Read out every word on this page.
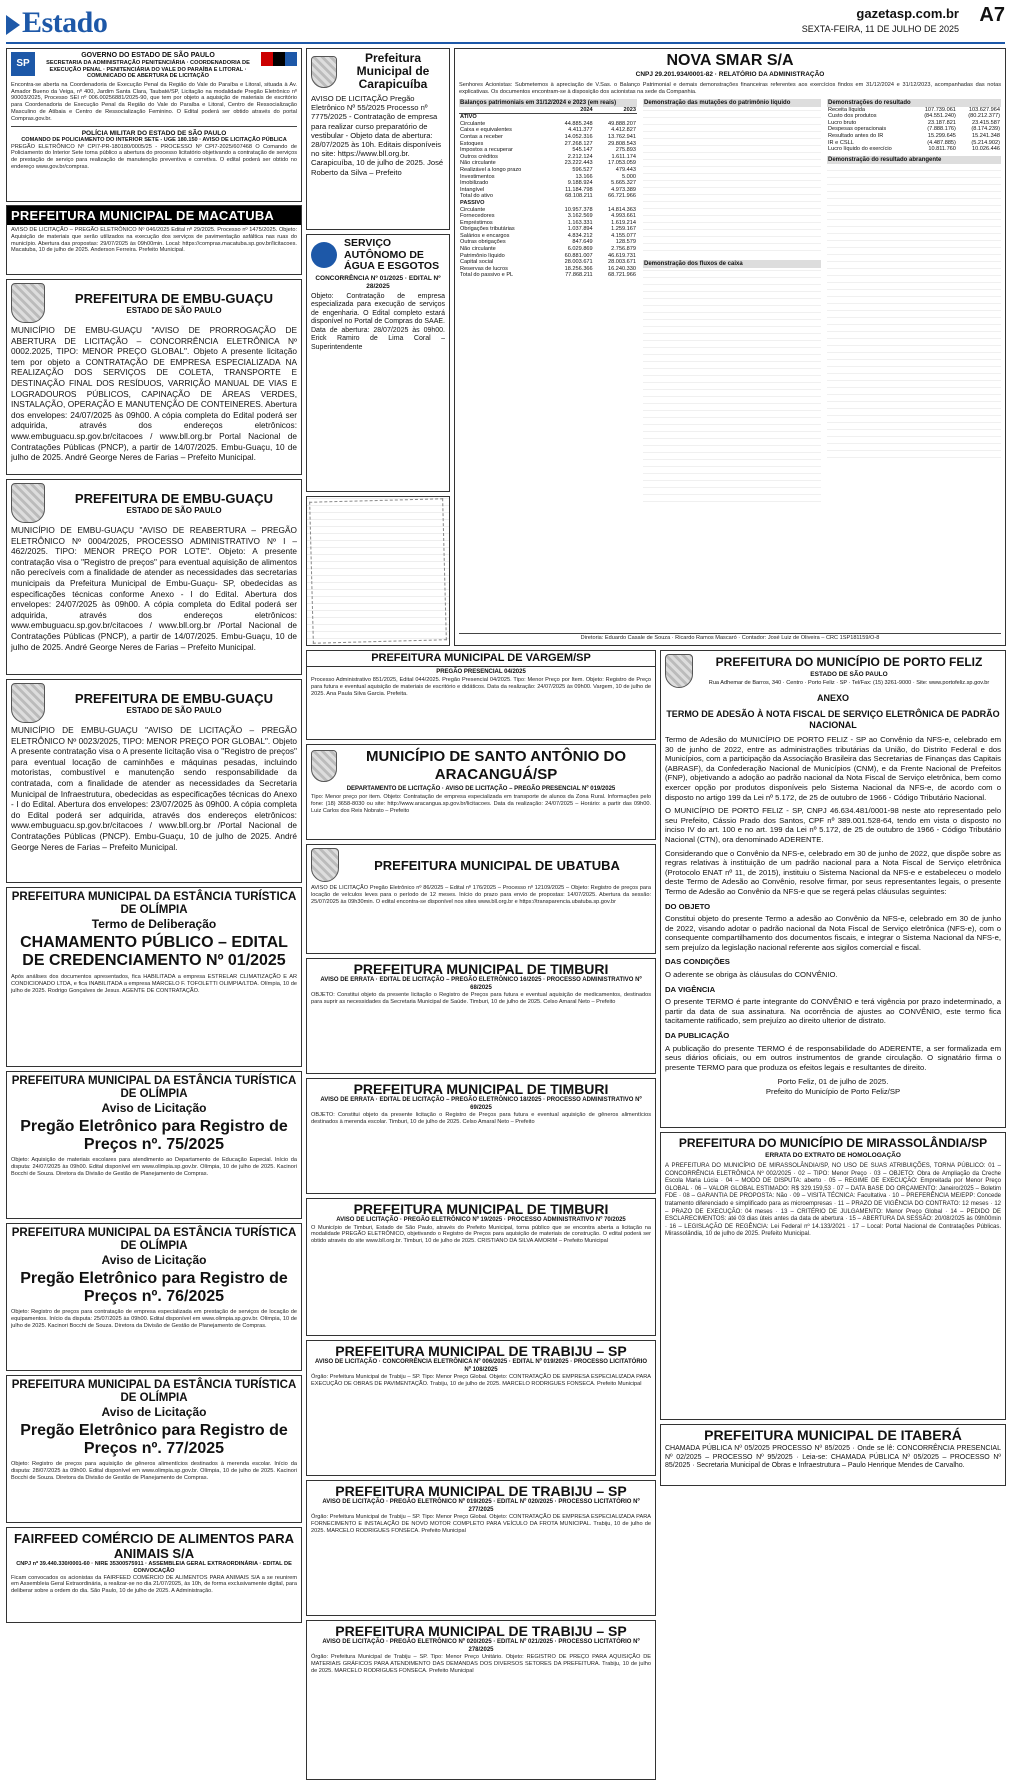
Estado	gazetasp.com.br
SEXTA-FEIRA, 11 DE JULHO DE 2025
A7
SP
GOVERNO DO ESTADO DE SÃO PAULO
SECRETARIA DA ADMINISTRAÇÃO PENITENCIÁRIA · COORDENADORIA DE EXECUÇÃO PENAL · PENITENCIÁRIA DO VALE DO PARAÍBA E LITORAL · COMUNICADO DE ABERTURA DE LICITAÇÃO
Encontra-se aberta na Coordenadoria de Execução Penal da Região do Vale do Paraíba e Litoral, situada à Av. Amador Bueno da Veiga, nº 400, Jardim Santa Clara, Taubaté/SP, Licitação na modalidade Pregão Eletrônico nº 90003/2025, Processo SEI nº 006.00256881/2025-90, que tem por objeto a aquisição de materiais de escritório para Coordenadoria de Execução Penal da Região do Vale do Paraíba e Litoral, Centro de Ressocialização Masculino de Atibaia e Centro de Ressocialização Feminino. O Edital poderá ser obtido através do portal Compras.gov.br.
POLÍCIA MILITAR DO ESTADO DE SÃO PAULO
COMANDO DE POLICIAMENTO DO INTERIOR SETE - UGE 180.150 · AVISO DE LICITAÇÃO PÚBLICA
PREGÃO ELETRÔNICO Nº CPI7-PR-180180/0005/25 - PROCESSO Nº CPI7-2025/607468 O Comando de Policiamento do Interior Sete torna público a abertura do processo licitatório objetivando a contratação de serviços de prestação de serviço para realização de manutenção preventiva e corretiva. O edital poderá ser obtido no endereço www.gov.br/compras.
PREFEITURA MUNICIPAL DE MACATUBA
AVISO DE LICITAÇÃO – PREGÃO ELETRÔNICO Nº 046/2025 Edital nº 29/2025. Processo nº 1475/2025. Objeto: Aquisição de materiais que serão utilizados na execução dos serviços de pavimentação asfáltica nas ruas do município. Abertura das propostas: 29/07/2025 às 09h00min. Local: https://compras.macatuba.sp.gov.br/licitacoes. Macatuba, 10 de julho de 2025. Anderson Ferreira. Prefeito Municipal.
PREFEITURA DE EMBU-GUAÇU
ESTADO DE SÃO PAULO
MUNICÍPIO DE EMBU-GUAÇU "AVISO DE PRORROGAÇÃO DE ABERTURA DE LICITAÇÃO – CONCORRÊNCIA ELETRÔNICA Nº 0002.2025, TIPO: MENOR PREÇO GLOBAL". Objeto A presente licitação tem por objeto a CONTRATAÇÃO DE EMPRESA ESPECIALIZADA NA REALIZAÇÃO DOS SERVIÇOS DE COLETA, TRANSPORTE E DESTINAÇÃO FINAL DOS RESÍDUOS, VARRIÇÃO MANUAL DE VIAS E LOGRADOUROS PÚBLICOS, CAPINAÇÃO DE ÁREAS VERDES, INSTALAÇÃO, OPERAÇÃO E MANUTENÇÃO DE CONTEINERES. Abertura dos envelopes: 24/07/2025 às 09h00. A cópia completa do Edital poderá ser adquirida, através dos endereços eletrônicos: www.embuguacu.sp.gov.br/citacoes / www.bll.org.br Portal Nacional de Contratações Públicas (PNCP), a partir de 14/07/2025. Embu-Guaçu, 10 de julho de 2025. André George Neres de Farias – Prefeito Municipal.
PREFEITURA DE EMBU-GUAÇU
ESTADO DE SÃO PAULO
MUNICÍPIO DE EMBU-GUAÇU "AVISO DE REABERTURA – PREGÃO ELETRÔNICO Nº 0004/2025, PROCESSO ADMINISTRATIVO Nº I – 462/2025. TIPO: MENOR PREÇO POR LOTE". Objeto: A presente contratação visa o "Registro de preços" para eventual aquisição de alimentos não perecíveis com a finalidade de atender as necessidades das secretarias municipais da Prefeitura Municipal de Embu-Guaçu- SP, obedecidas as especificações técnicas conforme Anexo - I do Edital. Abertura dos envelopes: 24/07/2025 às 09h00. A cópia completa do Edital poderá ser adquirida, através dos endereços eletrônicos: www.embuguacu.sp.gov.br/citacoes / www.bll.org.br /Portal Nacional de Contratações Públicas (PNCP), a partir de 14/07/2025. Embu-Guaçu, 10 de julho de 2025. André George Neres de Farias – Prefeito Municipal.
PREFEITURA DE EMBU-GUAÇU
ESTADO DE SÃO PAULO
MUNICÍPIO DE EMBU-GUAÇU "AVISO DE LICITAÇÃO – PREGÃO ELETRÔNICO Nº 0023/2025, TIPO: MENOR PREÇO POR GLOBAL". Objeto A presente contratação visa o A presente licitação visa o "Registro de preços" para eventual locação de caminhões e máquinas pesadas, incluindo motoristas, combustível e manutenção sendo responsabilidade da contratada, com a finalidade de atender as necessidades da Secretaria Municipal de Infraestrutura, obedecidas as especificações técnicas do Anexo - I do Edital. Abertura dos envelopes: 23/07/2025 às 09h00. A cópia completa do Edital poderá ser adquirida, através dos endereços eletrônicos: www.embuguacu.sp.gov.br/citacoes / www.bll.org.br /Portal Nacional de Contratações Públicas (PNCP). Embu-Guaçu, 10 de julho de 2025. André George Neres de Farias – Prefeito Municipal.
PREFEITURA MUNICIPAL DA ESTÂNCIA TURÍSTICA DE OLÍMPIA
Termo de Deliberação
CHAMAMENTO PÚBLICO – EDITAL DE CREDENCIAMENTO Nº 01/2025
Após análises dos documentos apresentados, fica HABILITADA a empresa ESTRELAR CLIMATIZAÇÃO E AR CONDICIONADO LTDA, e fica INABILITADA a empresa MARCELO F. TOFOLETTI OLIMPIA/LTDA. Olímpia, 10 de julho de 2025. Rodrigo Gonçalves de Jesus. AGENTE DE CONTRATAÇÃO.
PREFEITURA MUNICIPAL DA ESTÂNCIA TURÍSTICA DE OLÍMPIA
Aviso de Licitação
Pregão Eletrônico para Registro de Preços nº. 75/2025
Objeto: Aquisição de materiais escolares para atendimento ao Departamento de Educação Especial. Início da disputa: 24/07/2025 às 09h00. Edital disponível em www.olimpia.sp.gov.br. Olímpia, 10 de julho de 2025. Kacinori Bocchi de Souza. Diretora da Divisão de Gestão de Planejamento de Compras.
PREFEITURA MUNICIPAL DA ESTÂNCIA TURÍSTICA DE OLÍMPIA
Aviso de Licitação
Pregão Eletrônico para Registro de Preços nº. 76/2025
Objeto: Registro de preços para contratação de empresa especializada em prestação de serviços de locação de equipamentos. Início da disputa: 25/07/2025 às 09h00. Edital disponível em www.olimpia.sp.gov.br. Olímpia, 10 de julho de 2025. Kacinori Bocchi de Souza. Diretora da Divisão de Gestão de Planejamento de Compras.
PREFEITURA MUNICIPAL DA ESTÂNCIA TURÍSTICA DE OLÍMPIA
Aviso de Licitação
Pregão Eletrônico para Registro de Preços nº. 77/2025
Objeto: Registro de preços para aquisição de gêneros alimentícios destinados à merenda escolar. Início da disputa: 28/07/2025 às 09h00. Edital disponível em www.olimpia.sp.gov.br. Olímpia, 10 de julho de 2025. Kacinori Bocchi de Souza. Diretora da Divisão de Gestão de Planejamento de Compras.
FAIRFEED COMÉRCIO DE ALIMENTOS PARA ANIMAIS S/A
CNPJ nº 39.440.330/0001-60 · NIRE 35300575911 · ASSEMBLEIA GERAL EXTRAORDINÁRIA · EDITAL DE CONVOCAÇÃO
Ficam convocados os acionistas da FAIRFEED COMÉRCIO DE ALIMENTOS PARA ANIMAIS S/A a se reunirem em Assembleia Geral Extraordinária, a realizar-se no dia 21/07/2025, às 10h, de forma exclusivamente digital, para deliberar sobre a ordem do dia. São Paulo, 10 de julho de 2025. A Administração.
Prefeitura Municipal de Carapicuíba
AVISO DE LICITAÇÃO Pregão Eletrônico Nº 55/2025 Processo nº 7775/2025 - Contratação de empresa para realizar curso preparatório de vestibular - Objeto data de abertura: 28/07/2025 às 10h. Editais disponíveis no site: https://www.bll.org.br. Carapicuíba, 10 de julho de 2025. José Roberto da Silva – Prefeito
SERVIÇO AUTÔNOMO DE ÁGUA E ESGOTOS
CONCORRÊNCIA Nº 01/2025 · EDITAL Nº 28/2025
Objeto: Contratação de empresa especializada para execução de serviços de engenharia. O Edital completo estará disponível no Portal de Compras do SAAE. Data de abertura: 28/07/2025 às 09h00. Erick Ramiro de Lima Coral – Superintendente
NOVA SMAR S/A
CNPJ 29.201.934/0001-82 · RELATÓRIO DA ADMINISTRAÇÃO
Senhores Acionistas: Submetemos à apreciação de V.Sas. o Balanço Patrimonial e demais demonstrações financeiras referentes aos exercícios findos em 31/12/2024 e 31/12/2023, acompanhadas das notas explicativas. Os documentos encontram-se à disposição dos acionistas na sede da Companhia.
Balanços patrimoniais em 31/12/2024 e 2023 (em reais)
	2024	2023
ATIVO		
Circulante	44.885.248	49.888.207
Caixa e equivalentes	4.411.377	4.412.827
Contas a receber	14.052.316	13.762.941
Estoques	27.268.127	29.808.543
Impostos a recuperar	545.147	275.893
Outros créditos	2.212.124	1.611.174
Não circulante	23.222.443	17.053.059
Realizável a longo prazo	596.527	479.443
Investimentos	13.166	5.000
Imobilizado	9.188.924	5.665.327
Intangível	11.184.798	4.973.389
Total do ativo	68.108.211	66.721.966
PASSIVO		
Circulante	10.957.378	14.814.363
Fornecedores	3.162.569	4.993.661
Empréstimos	1.163.331	1.619.214
Obrigações tributárias	1.037.894	1.259.167
Salários e encargos	4.834.212	4.155.077
Outras obrigações	847.649	128.579
Não circulante	6.029.869	2.756.879
Patrimônio líquido	60.881.007	46.619.731
Capital social	28.003.671	28.003.671
Reservas de lucros	18.256.366	16.240.330
Total do passivo e PL	77.868.211	68.721.966
Demonstração das mutações do patrimônio líquido
Demonstração dos fluxos de caixa
Demonstrações do resultado
Receita líquida	107.739.061	103.627.964
Custo dos produtos	(84.551.240)	(80.212.377)
Lucro bruto	23.187.821	23.415.587
Despesas operacionais	(7.888.176)	(8.174.239)
Resultado antes do IR	15.299.645	15.241.348
IR e CSLL	(4.487.885)	(5.214.902)
Lucro líquido do exercício	10.811.760	10.026.446
Demonstração do resultado abrangente
Diretoria: Eduardo Casale de Souza · Ricardo Ramos Mascaró · Contador: José Luiz de Oliveira – CRC 1SP181159/O-8
PREFEITURA MUNICIPAL DE VARGEM/SP
PREGÃO PRESENCIAL 04/2025
Processo Administrativo 851/2025, Edital 044/2025. Pregão Presencial 04/2025. Tipo: Menor Preço por Item. Objeto: Registro de Preço para futura e eventual aquisição de materiais de escritório e didáticos. Data da realização: 24/07/2025 às 09h00. Vargem, 10 de julho de 2025. Ana Paula Silva Garcia. Prefeita.
MUNICÍPIO DE SANTO ANTÔNIO DO ARACANGUÁ/SP
DEPARTAMENTO DE LICITAÇÃO · AVISO DE LICITAÇÃO – PREGÃO PRESENCIAL Nº 019/2025
Tipo: Menor preço por item. Objeto: Contratação de empresa especializada em transporte de alunos da Zona Rural. Informações pelo fone: (18) 3658-8030 ou site: http://www.aracangua.sp.gov.br/licitacoes. Data da realização: 24/07/2025 – Horário: a partir das 09h00. Luiz Carlos dos Reis Nobrato – Prefeito
PREFEITURA MUNICIPAL DE UBATUBA
AVISO DE LICITAÇÃO Pregão Eletrônico nº 86/2025 – Edital nº 176/2025 – Processo nº 12109/2025 – Objeto: Registro de preços para locação de veículos leves para o período de 12 meses. Início do prazo para envio de propostas: 14/07/2025. Abertura da sessão: 25/07/2025 às 09h30min. O edital encontra-se disponível nos sites www.bll.org.br e https://transparencia.ubatuba.sp.gov.br
PREFEITURA MUNICIPAL DE TIMBURI
AVISO DE ERRATA · EDITAL DE LICITAÇÃO – PREGÃO ELETRÔNICO 16/2025 · PROCESSO ADMINISTRATIVO Nº 68/2025
OBJETO: Constitui objeto da presente licitação o Registro de Preços para futura e eventual aquisição de medicamentos, destinados para suprir as necessidades da Secretaria Municipal de Saúde. Timburi, 10 de julho de 2025. Celso Amaral Neto – Prefeito
PREFEITURA MUNICIPAL DE TIMBURI
AVISO DE ERRATA · EDITAL DE LICITAÇÃO – PREGÃO ELETRÔNICO 18/2025 · PROCESSO ADMINISTRATIVO Nº 69/2025
OBJETO: Constitui objeto da presente licitação o Registro de Preços para futura e eventual aquisição de gêneros alimentícios destinados à merenda escolar. Timburi, 10 de julho de 2025. Celso Amaral Neto – Prefeito
PREFEITURA MUNICIPAL DE TIMBURI
AVISO DE LICITAÇÃO · PREGÃO ELETRÔNICO Nº 19/2025 · PROCESSO ADMINISTRATIVO Nº 70/2025
O Município de Timburi, Estado de São Paulo, através do Prefeito Municipal, torna público que se encontra aberta a licitação na modalidade PREGÃO ELETRÔNICO, objetivando o Registro de Preços para aquisição de materiais de construção. O edital poderá ser obtido através do site www.bll.org.br. Timburi, 10 de julho de 2025. CRISTIANO DA SILVA AMORIM – Prefeito Municipal
PREFEITURA MUNICIPAL DE TRABIJU – SP
AVISO DE LICITAÇÃO · CONCORRÊNCIA ELETRÔNICA Nº 006/2025 · EDITAL Nº 019/2025 · PROCESSO LICITATÓRIO Nº 108/2025
Órgão: Prefeitura Municipal de Trabiju – SP. Tipo: Menor Preço Global. Objeto: CONTRATAÇÃO DE EMPRESA ESPECIALIZADA PARA EXECUÇÃO DE OBRAS DE PAVIMENTAÇÃO. Trabiju, 10 de julho de 2025. MARCELO RODRIGUES FONSECA. Prefeito Municipal
PREFEITURA MUNICIPAL DE TRABIJU – SP
AVISO DE LICITAÇÃO · PREGÃO ELETRÔNICO Nº 019/2025 · EDITAL Nº 020/2025 · PROCESSO LICITATÓRIO Nº 277/2025
Órgão: Prefeitura Municipal de Trabiju – SP. Tipo: Menor Preço Global. Objeto: CONTRATAÇÃO DE EMPRESA ESPECIALIZADA PARA FORNECIMENTO E INSTALAÇÃO DE NOVO MOTOR COMPLETO PARA VEÍCULO DA FROTA MUNICIPAL. Trabiju, 10 de julho de 2025. MARCELO RODRIGUES FONSECA. Prefeito Municipal
PREFEITURA MUNICIPAL DE TRABIJU – SP
AVISO DE LICITAÇÃO · PREGÃO ELETRÔNICO Nº 020/2025 · EDITAL Nº 021/2025 · PROCESSO LICITATÓRIO Nº 278/2025
Órgão: Prefeitura Municipal de Trabiju – SP. Tipo: Menor Preço Unitário. Objeto: REGISTRO DE PREÇO PARA AQUISIÇÃO DE MATERIAIS GRÁFICOS PARA ATENDIMENTO DAS DEMANDAS DOS DIVERSOS SETORES DA PREFEITURA. Trabiju, 10 de julho de 2025. MARCELO RODRIGUES FONSECA. Prefeito Municipal
PREFEITURA DO MUNICÍPIO DE PORTO FELIZ
ESTADO DE SÃO PAULO
Rua Adhemar de Barros, 340 · Centro · Porto Feliz · SP · Tel/Fax: (15) 3261-9000 · Site: www.portofeliz.sp.gov.br
ANEXO
TERMO DE ADESÃO À NOTA FISCAL DE SERVIÇO ELETRÔNICA DE PADRÃO NACIONAL

Termo de Adesão do MUNICÍPIO DE PORTO FELIZ - SP ao Convênio da NFS-e, celebrado em 30 de junho de 2022, entre as administrações tributárias da União, do Distrito Federal e dos Municípios, com a participação da Associação Brasileira das Secretarias de Finanças das Capitais (ABRASF), da Confederação Nacional de Municípios (CNM), e da Frente Nacional de Prefeitos (FNP), objetivando a adoção ao padrão nacional da Nota Fiscal de Serviço eletrônica, bem como exercer opção por produtos disponíveis pelo Sistema Nacional da NFS-e, de acordo com o disposto no artigo 199 da Lei nº 5.172, de 25 de outubro de 1966 - Código Tributário Nacional.

O MUNICÍPIO DE PORTO FELIZ - SP, CNPJ 46.634.481/0001-98 neste ato representado pelo seu Prefeito, Cássio Prado dos Santos, CPF nº 389.001.528-64, tendo em vista o disposto no inciso IV do art. 100 e no art. 199 da Lei nº 5.172, de 25 de outubro de 1966 - Código Tributário Nacional (CTN), ora denominado ADERENTE.

Considerando que o Convênio da NFS-e, celebrado em 30 de junho de 2022, que dispõe sobre as regras relativas à instituição de um padrão nacional para a Nota Fiscal de Serviço eletrônica (Protocolo ENAT nº 11, de 2015), instituiu o Sistema Nacional da NFS-e e estabeleceu o modelo deste Termo de Adesão ao Convênio, resolve firmar, por seus representantes legais, o presente Termo de Adesão ao Convênio da NFS-e que se regerá pelas cláusulas seguintes:

DO OBJETO

Constitui objeto do presente Termo a adesão ao Convênio da NFS-e, celebrado em 30 de junho de 2022, visando adotar o padrão nacional da Nota Fiscal de Serviço eletrônica (NFS-e), com o consequente compartilhamento dos documentos fiscais, e integrar o Sistema Nacional da NFS-e, sem prejuízo da legislação nacional referente aos sigilos comercial e fiscal.

DAS CONDIÇÕES

O aderente se obriga às cláusulas do CONVÊNIO.

DA VIGÊNCIA

O presente TERMO é parte integrante do CONVÊNIO e terá vigência por prazo indeterminado, a partir da data de sua assinatura. Na ocorrência de ajustes ao CONVÊNIO, este termo fica tacitamente ratificado, sem prejuízo ao direito ulterior de distrato.

DA PUBLICAÇÃO

A publicação do presente TERMO é de responsabilidade do ADERENTE, a ser formalizada em seus diários oficiais, ou em outros instrumentos de grande circulação. O signatário firma o presente TERMO para que produza os efeitos legais e resultantes de direito.

Porto Feliz, 01 de julho de 2025.

Prefeito do Município de Porto Feliz/SP

PREFEITURA DO MUNICÍPIO DE MIRASSOLÂNDIA/SP
ERRATA DO EXTRATO DE HOMOLOGAÇÃO
A PREFEITURA DO MUNICÍPIO DE MIRASSOLÂNDIA/SP, NO USO DE SUAS ATRIBUIÇÕES, TORNA PÚBLICO: 01 – CONCORRÊNCIA ELETRÔNICA Nº 002/2025 · 02 – TIPO: Menor Preço · 03 – OBJETO: Obra de Ampliação da Creche Escola Maria Lúcia · 04 – MODO DE DISPUTA: aberto · 05 – REGIME DE EXECUÇÃO: Empreitada por Menor Preço GLOBAL · 06 – VALOR GLOBAL ESTIMADO: R$ 329.159,53 · 07 – DATA BASE DO ORÇAMENTO: Janeiro/2025 – Boletim FDE · 08 – GARANTIA DE PROPOSTA: Não · 09 – VISITA TÉCNICA: Facultativa · 10 – PREFERÊNCIA ME/EPP: Concede tratamento diferenciado e simplificado para as microempresas · 11 – PRAZO DE VIGÊNCIA DO CONTRATO: 12 meses · 12 – PRAZO DE EXECUÇÃO: 04 meses · 13 – CRITÉRIO DE JULGAMENTO: Menor Preço Global · 14 – PEDIDO DE ESCLARECIMENTOS: até 03 dias úteis antes da data de abertura · 15 – ABERTURA DA SESSÃO: 20/08/2025 às 09h00min · 16 – LEGISLAÇÃO DE REGÊNCIA: Lei Federal nº 14.133/2021 · 17 – Local: Portal Nacional de Contratações Públicas. Mirassolândia, 10 de julho de 2025. Prefeito Municipal.
PREFEITURA MUNICIPAL DE ITABERÁ
CHAMADA PÚBLICA Nº 05/2025 PROCESSO Nº 85/2025 · Onde se lê: CONCORRÊNCIA PRESENCIAL Nº 02/2025 – PROCESSO Nº 95/2025 · Leia-se: CHAMADA PÚBLICA Nº 05/2025 – PROCESSO Nº 85/2025 · Secretaria Municipal de Obras e Infraestrutura – Paulo Henrique Mendes de Carvalho.
